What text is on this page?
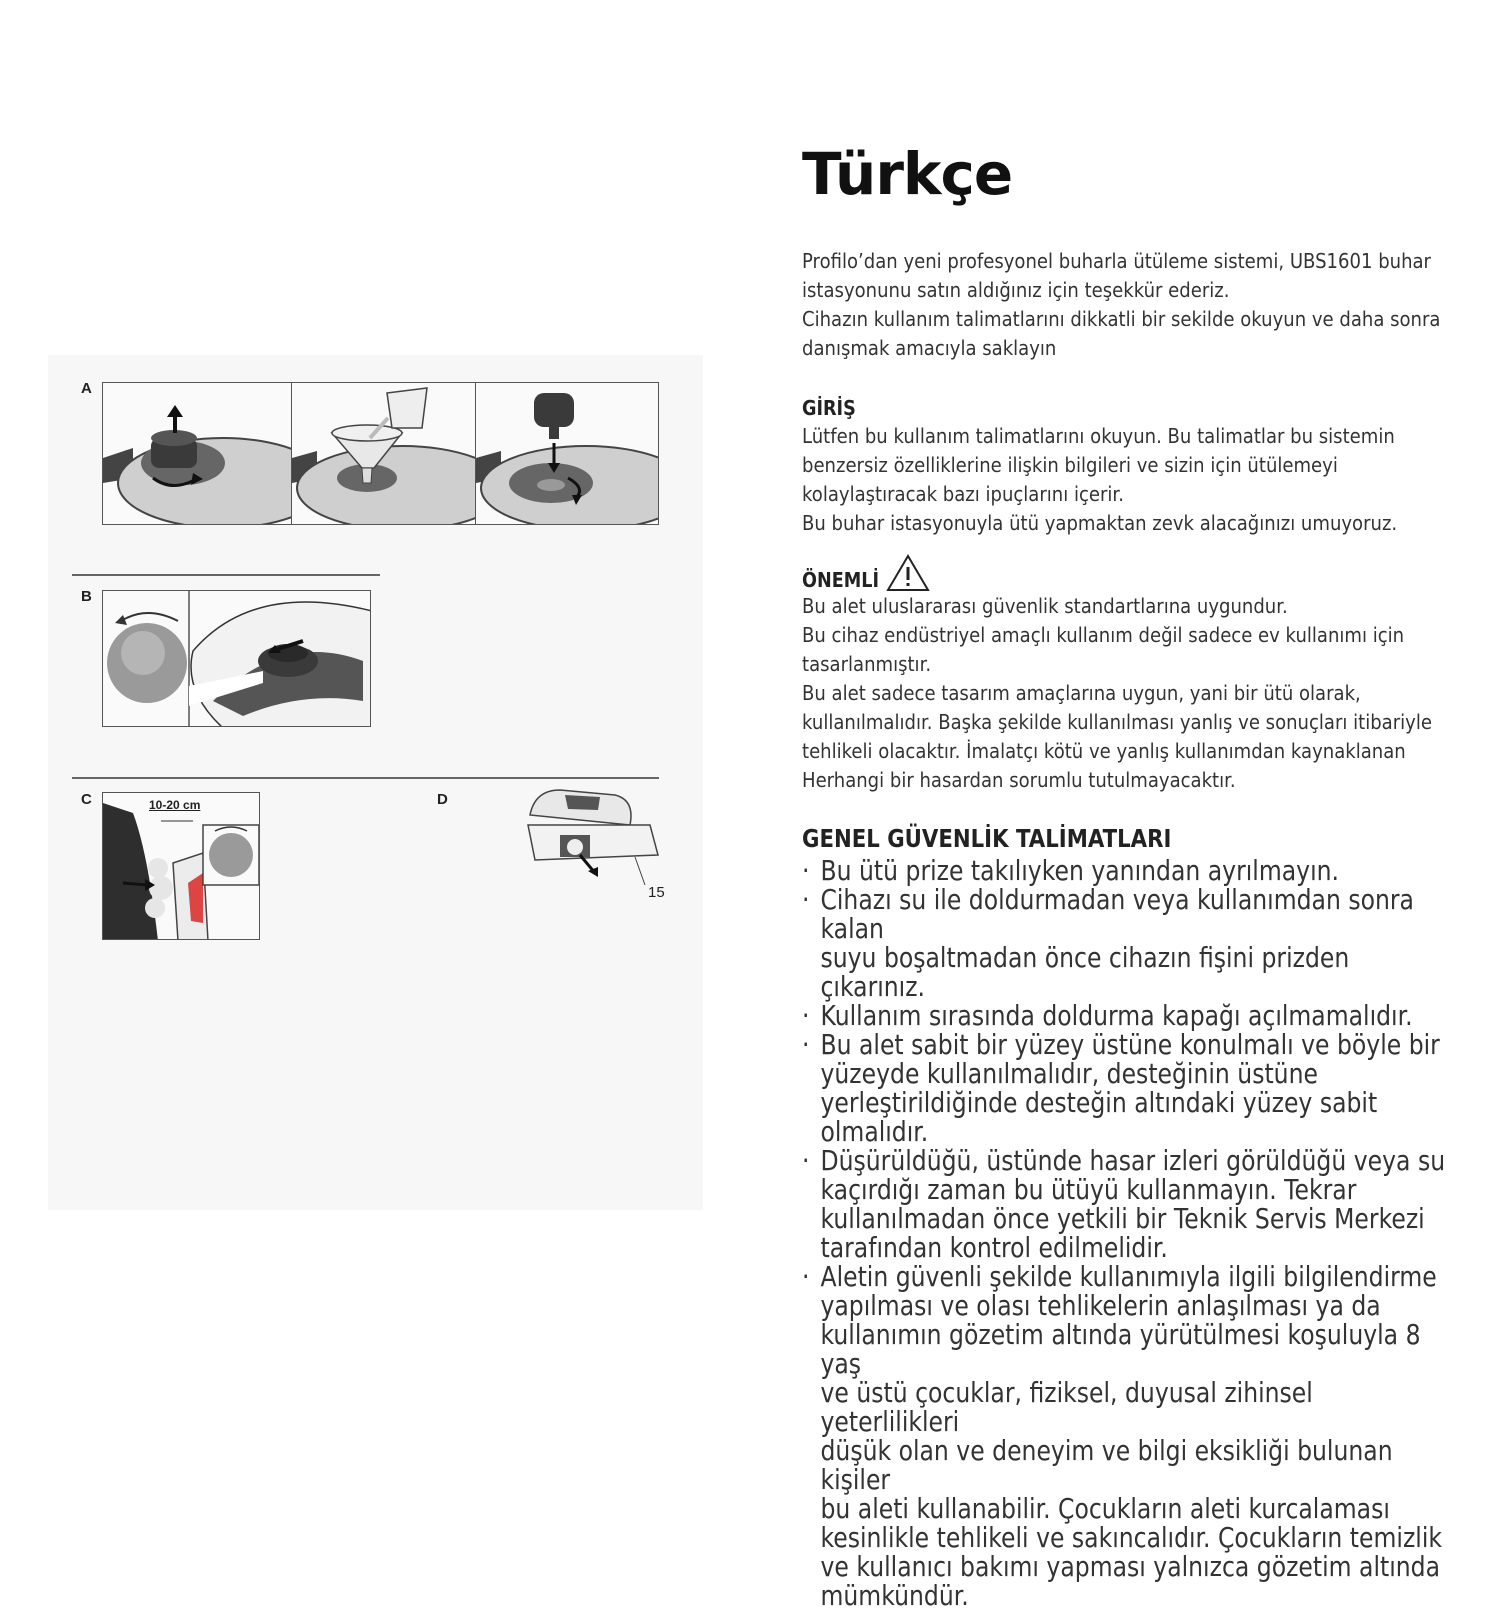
A
B
C	10-20 cm	D
15
Türkçe

Profilo’dan yeni profesyonel buharla ütüleme sistemi, UBS1601 buhar

istasyonunu satın aldığınız için teşekkür ederiz.

Cihazın kullanım talimatlarını dikkatli bir sekilde okuyun ve daha sonra

danışmak amacıyla saklayın

GİRİŞ

Lütfen bu kullanım talimatlarını okuyun. Bu talimatlar bu sistemin

benzersiz özelliklerine ilişkin bilgileri ve sizin için ütülemeyi

kolaylaştıracak bazı ipuçlarını içerir.

Bu buhar istasyonuyla ütü yapmaktan zevk alacağınızı umuyoruz.

ÖNEMLİ

Bu alet uluslararası güvenlik standartlarına uygundur.

Bu cihaz endüstriyel amaçlı kullanım değil sadece ev kullanımı için

tasarlanmıştır.

Bu alet sadece tasarım amaçlarına uygun, yani bir ütü olarak,

kullanılmalıdır. Başka şekilde kullanılması yanlış ve sonuçları itibariyle

tehlikeli olacaktır. İmalatçı kötü ve yanlış kullanımdan kaynaklanan

Herhangi bir hasardan sorumlu tutulmayacaktır.

GENEL GÜVENLİK TALİMATLARI

· Bu ütü prize takılıyken yanından ayrılmayın.
· Cihazı su ile doldurmadan veya kullanımdan sonra kalan
suyu boşaltmadan önce cihazın fişini prizden çıkarınız.
· Kullanım sırasında doldurma kapağı açılmamalıdır.
· Bu alet sabit bir yüzey üstüne konulmalı ve böyle bir
yüzeyde kullanılmalıdır, desteğinin üstüne
yerleştirildiğinde desteğin altındaki yüzey sabit olmalıdır.
· Düşürüldüğü, üstünde hasar izleri görüldüğü veya su
kaçırdığı zaman bu ütüyü kullanmayın. Tekrar
kullanılmadan önce yetkili bir Teknik Servis Merkezi
tarafından kontrol edilmelidir.
· Aletin güvenli şekilde kullanımıyla ilgili bilgilendirme
yapılması ve olası tehlikelerin anlaşılması ya da
kullanımın gözetim altında yürütülmesi koşuluyla 8 yaş
ve üstü çocuklar, fiziksel, duyusal zihinsel yeterlilikleri
düşük olan ve deneyim ve bilgi eksikliği bulunan kişiler
bu aleti kullanabilir. Çocukların aleti kurcalaması
kesinlikle tehlikeli ve sakıncalıdır. Çocukların temizlik
ve kullanıcı bakımı yapması yalnızca gözetim altında
mümkündür.
